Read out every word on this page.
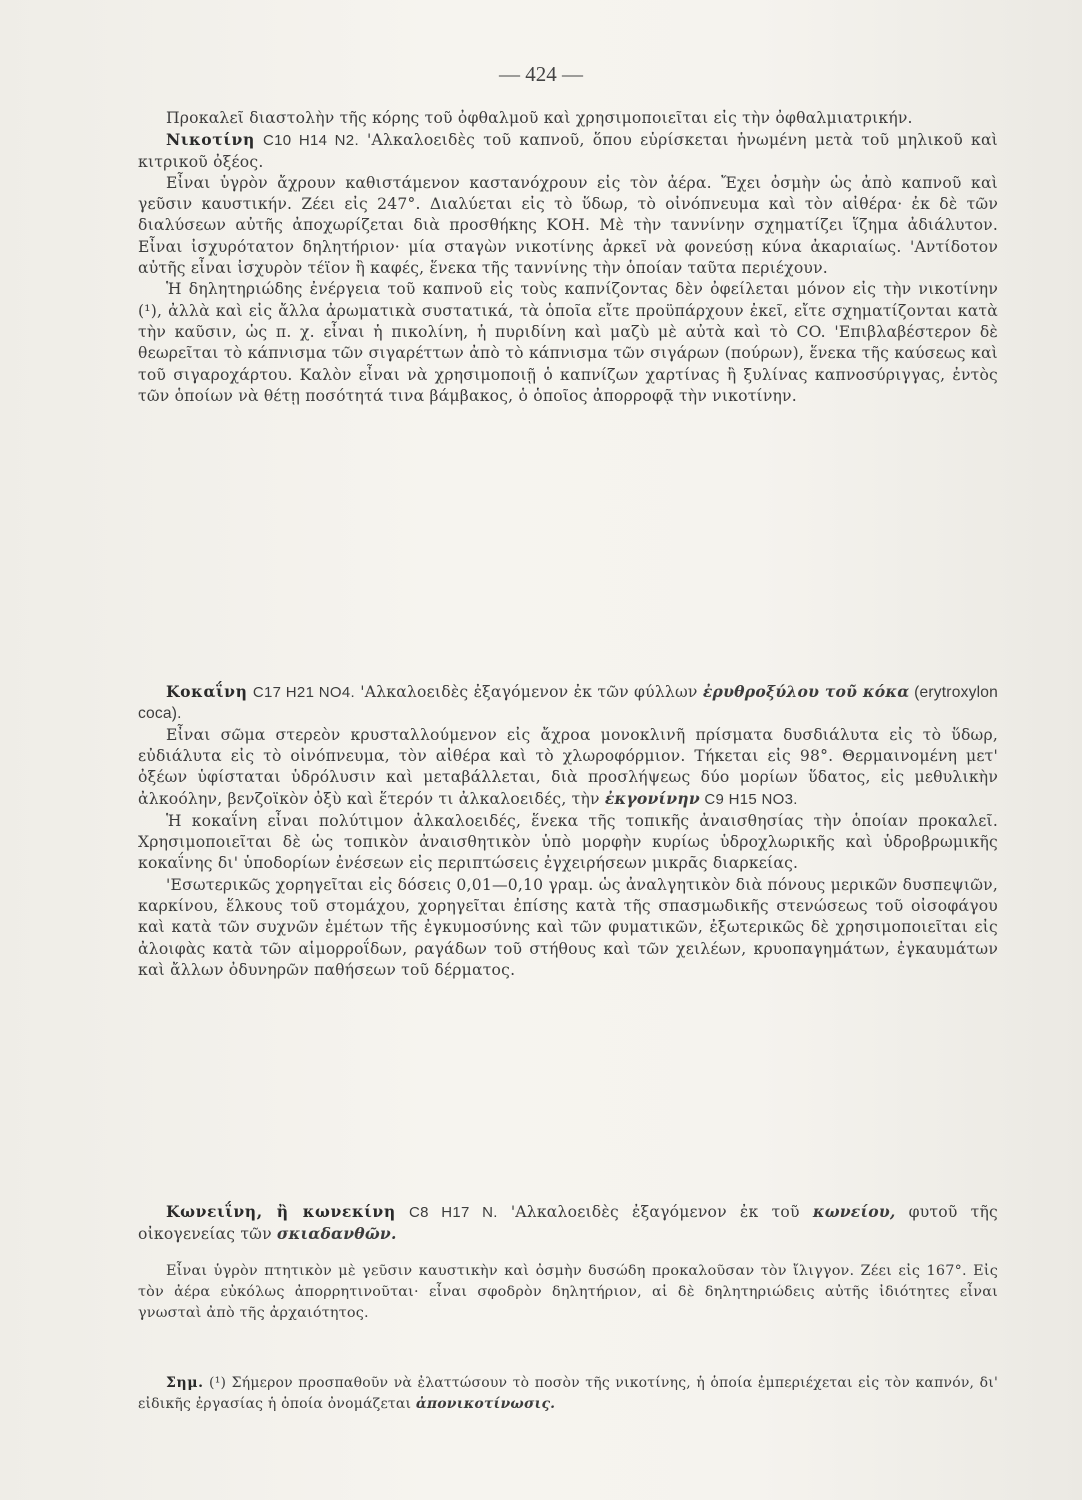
— 424 —

Προκαλεῖ διαστολὴν τῆς κόρης τοῦ ὀφθαλμοῦ καὶ χρησιμοποιεῖται εἰς τὴν ὀφθαλμιατρικήν.

Νικοτίνη C10 H14 N2. 'Αλκαλοειδὲς τοῦ καπνοῦ, ὅπου εὑρίσκεται ἡνωμένη μετὰ τοῦ μηλικοῦ καὶ κιτρικοῦ ὀξέος.

Εἶναι ὑγρὸν ἄχρουν καθιστάμενον καστανόχρουν εἰς τὸν ἀέρα. Ἔχει ὀσμὴν ὡς ἀπὸ καπνοῦ καὶ γεῦσιν καυστικήν. Ζέει εἰς 247°. Διαλύεται εἰς τὸ ὕδωρ, τὸ οἰνόπνευμα καὶ τὸν αἰθέρα· ἐκ δὲ τῶν διαλύσεων αὐτῆς ἀποχωρίζεται διὰ προσθήκης ΚΟΗ. Μὲ τὴν ταννίνην σχηματίζει ἵζημα ἀδιάλυτον. Εἶναι ἰσχυρότατον δηλητήριον· μία σταγὼν νικοτίνης ἀρκεῖ νὰ φονεύσῃ κύνα ἀκαριαίως. 'Αντίδοτον αὐτῆς εἶναι ἰσχυρὸν τέϊον ἢ καφές, ἕνεκα τῆς ταννίνης τὴν ὁποίαν ταῦτα περιέχουν.

Ἡ δηλητηριώδης ἐνέργεια τοῦ καπνοῦ εἰς τοὺς καπνίζοντας δὲν ὀφείλεται μόνον εἰς τὴν νικοτίνην (¹), ἀλλὰ καὶ εἰς ἄλλα ἀρωματικὰ συστατικά, τὰ ὁποῖα εἴτε προϋπάρχουν ἐκεῖ, εἴτε σχηματίζονται κατὰ τὴν καῦσιν, ὡς π. χ. εἶναι ἡ πικολίνη, ἡ πυριδίνη καὶ μαζὺ μὲ αὐτὰ καὶ τὸ CO. 'Επιβλαβέστερον δὲ θεωρεῖται τὸ κάπνισμα τῶν σιγαρέττων ἀπὸ τὸ κάπνισμα τῶν σιγάρων (πούρων), ἕνεκα τῆς καύσεως καὶ τοῦ σιγαροχάρτου. Καλὸν εἶναι νὰ χρησιμοποιῇ ὁ καπνίζων χαρτίνας ἢ ξυλίνας καπνοσύριγγας, ἐντὸς τῶν ὁποίων νὰ θέτῃ ποσότητά τινα βάμβακος, ὁ ὁποῖος ἀπορροφᾷ τὴν νικοτίνην.

Κοκαΐνη C17 H21 NO4. 'Αλκαλοειδὲς ἐξαγόμενον ἐκ τῶν φύλλων ἐρυθροξύλου τοῦ κόκα (erytroxylon coca).

Εἶναι σῶμα στερεὸν κρυσταλλούμενον εἰς ἄχροα μονοκλινῆ πρίσματα δυσδιάλυτα εἰς τὸ ὕδωρ, εὐδιάλυτα εἰς τὸ οἰνόπνευμα, τὸν αἰθέρα καὶ τὸ χλωροφόρμιον. Τήκεται εἰς 98°. Θερμαινομένη μετ' ὀξέων ὑφίσταται ὑδρόλυσιν καὶ μεταβάλλεται, διὰ προσλήψεως δύο μορίων ὕδατος, εἰς μεθυλικὴν ἀλκοόλην, βενζοϊκὸν ὀξὺ καὶ ἕτερόν τι ἀλκαλοειδές, τὴν ἐκγονίνην C9 H15 NO3.

Ἡ κοκαΐνη εἶναι πολύτιμον ἀλκαλοειδές, ἕνεκα τῆς τοπικῆς ἀναισθησίας τὴν ὁποίαν προκαλεῖ. Χρησιμοποιεῖται δὲ ὡς τοπικὸν ἀναισθητικὸν ὑπὸ μορφὴν κυρίως ὑδροχλωρικῆς καὶ ὑδροβρωμικῆς κοκαΐνης δι' ὑποδορίων ἐνέσεων εἰς περιπτώσεις ἐγχειρήσεων μικρᾶς διαρκείας.

'Εσωτερικῶς χορηγεῖται εἰς δόσεις 0,01—0,10 γραμ. ὡς ἀναλγητικὸν διὰ πόνους μερικῶν δυσπεψιῶν, καρκίνου, ἕλκους τοῦ στομάχου, χορηγεῖται ἐπίσης κατὰ τῆς σπασμωδικῆς στενώσεως τοῦ οἰσοφάγου καὶ κατὰ τῶν συχνῶν ἐμέτων τῆς ἐγκυμοσύνης καὶ τῶν φυματικῶν, ἐξωτερικῶς δὲ χρησιμοποιεῖται εἰς ἀλοιφὰς κατὰ τῶν αἱμορροΐδων, ραγάδων τοῦ στήθους καὶ τῶν χειλέων, κρυοπαγημάτων, ἐγκαυμάτων καὶ ἄλλων ὀδυνηρῶν παθήσεων τοῦ δέρματος.

Κωνειΐνη, ἢ κωνεκίνη C8 H17 N. 'Αλκαλοειδὲς ἐξαγόμενον ἐκ τοῦ κωνείου, φυτοῦ τῆς οἰκογενείας τῶν σκιαδανθῶν.

Εἶναι ὑγρὸν πτητικὸν μὲ γεῦσιν καυστικὴν καὶ ὀσμὴν δυσώδη προκαλοῦσαν τὸν ἴλιγγον. Ζέει εἰς 167°. Εἰς τὸν ἀέρα εὐκόλως ἀπορρητινοῦται· εἶναι σφοδρὸν δηλητήριον, αἱ δὲ δηλητηριώδεις αὐτῆς ἰδιότητες εἶναι γνωσταὶ ἀπὸ τῆς ἀρχαιότητος.

Σημ. (¹) Σήμερον προσπαθοῦν νὰ ἐλαττώσουν τὸ ποσὸν τῆς νικοτίνης, ἡ ὁποία ἐμπεριέχεται εἰς τὸν καπνόν, δι' εἰδικῆς ἐργασίας ἡ ὁποία ὀνομάζεται ἀπονικοτίνωσις.
